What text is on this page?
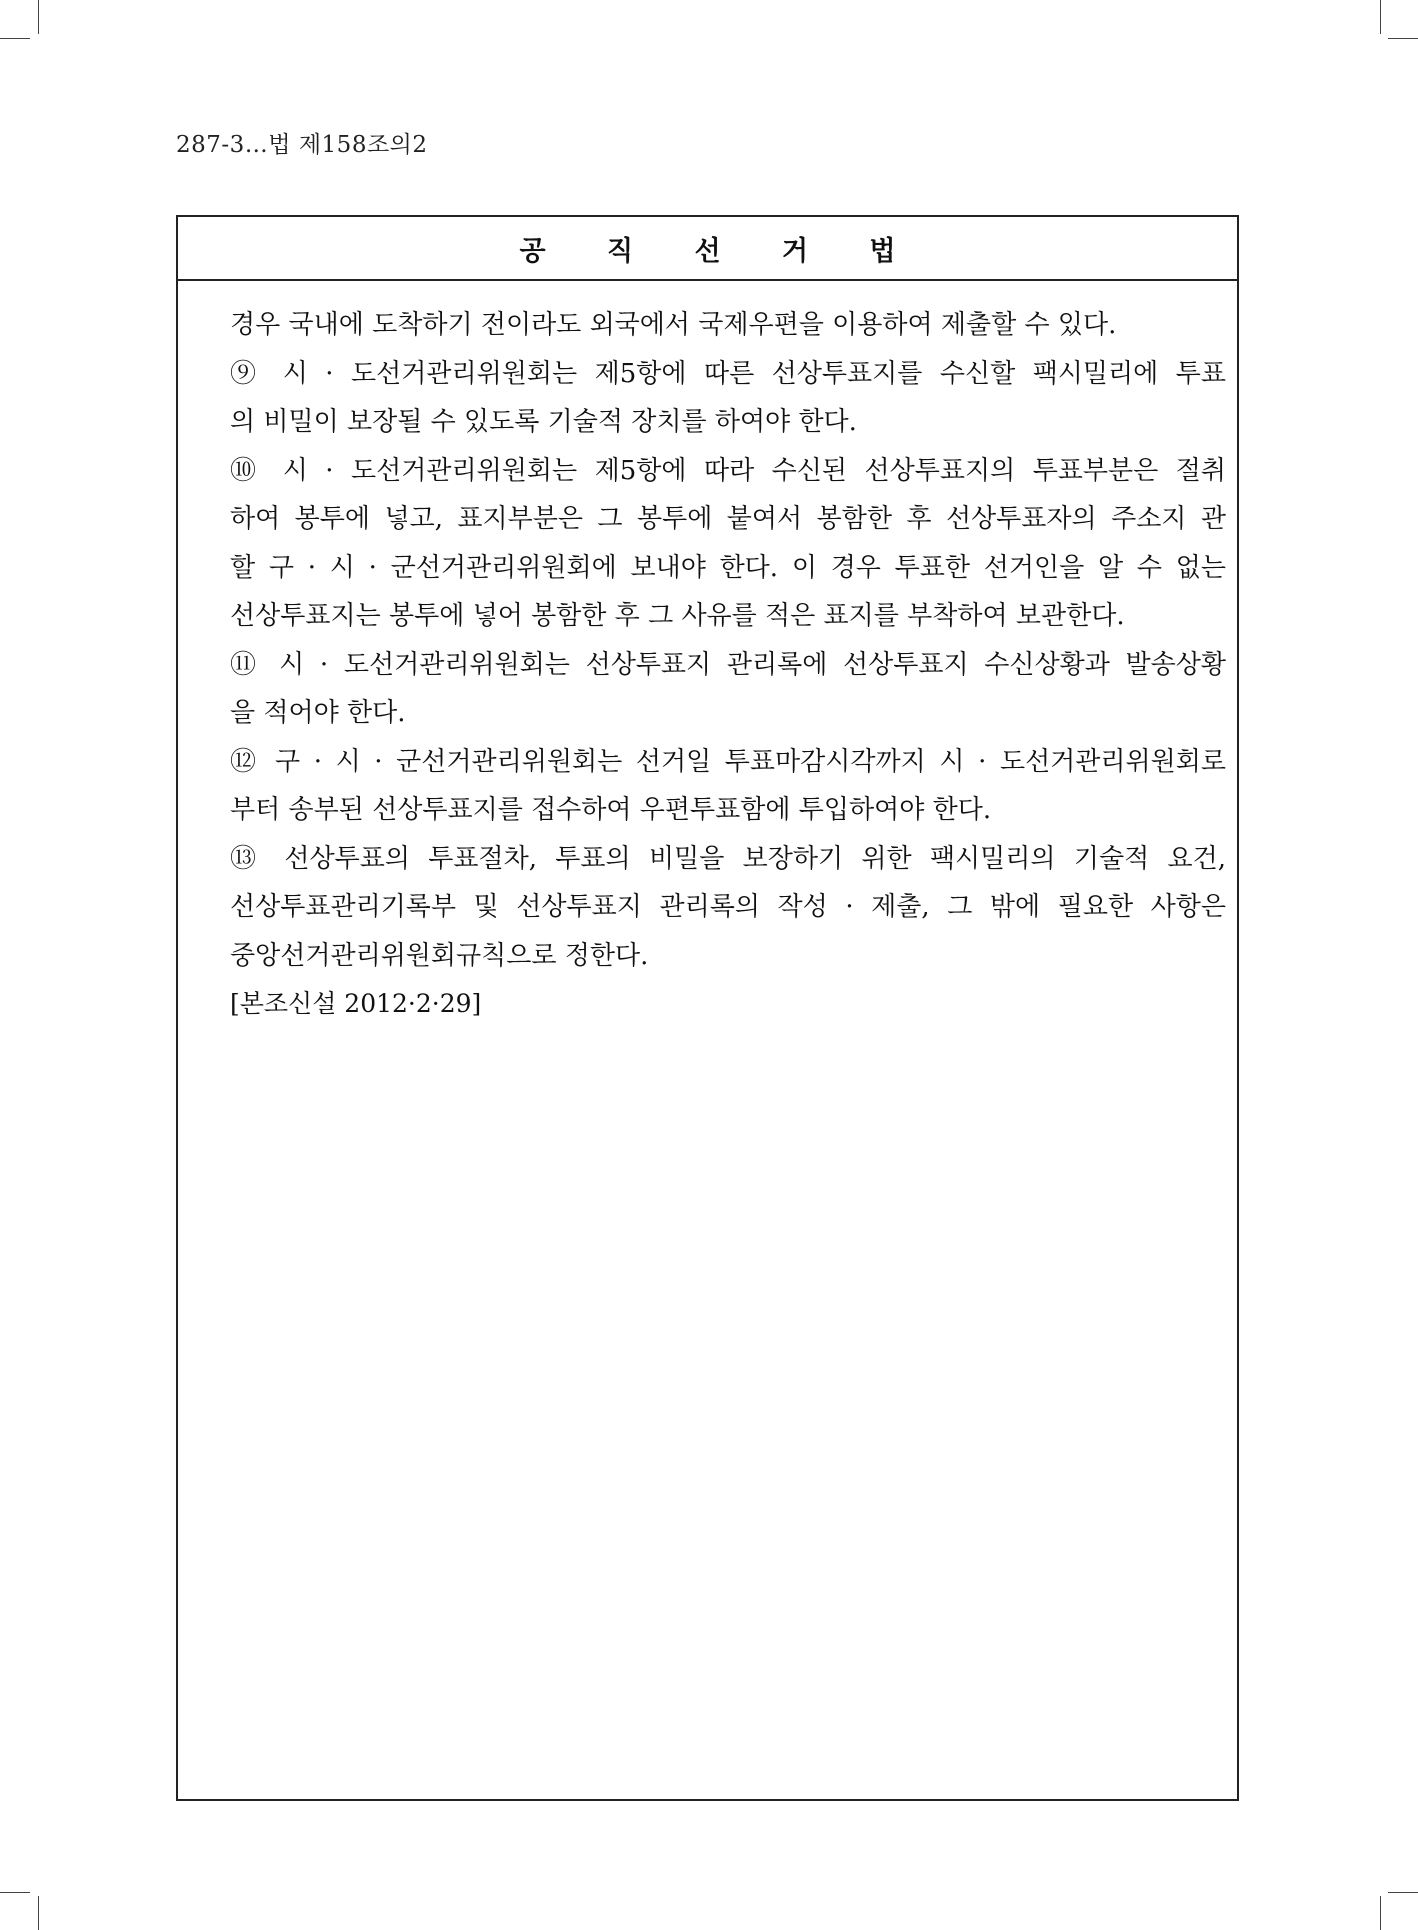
287-3…법 제158조의2
공 직 선 거 법
경우 국내에 도착하기 전이라도 외국에서 국제우편을 이용하여 제출할 수 있다.
⑨ 시 · 도선거관리위원회는 제5항에 따른 선상투표지를 수신할 팩시밀리에 투표
의 비밀이 보장될 수 있도록 기술적 장치를 하여야 한다.
⑩ 시 · 도선거관리위원회는 제5항에 따라 수신된 선상투표지의 투표부분은 절취
하여 봉투에 넣고, 표지부분은 그 봉투에 붙여서 봉함한 후 선상투표자의 주소지 관
할 구 · 시 · 군선거관리위원회에 보내야 한다. 이 경우 투표한 선거인을 알 수 없는
선상투표지는 봉투에 넣어 봉함한 후 그 사유를 적은 표지를 부착하여 보관한다.
⑪ 시 · 도선거관리위원회는 선상투표지 관리록에 선상투표지 수신상황과 발송상황
을 적어야 한다.
⑫ 구 · 시 · 군선거관리위원회는 선거일 투표마감시각까지 시 · 도선거관리위원회로
부터 송부된 선상투표지를 접수하여 우편투표함에 투입하여야 한다.
⑬ 선상투표의 투표절차, 투표의 비밀을 보장하기 위한 팩시밀리의 기술적 요건,
선상투표관리기록부 및 선상투표지 관리록의 작성 · 제출, 그 밖에 필요한 사항은
중앙선거관리위원회규칙으로 정한다.
[본조신설 2012·2·29]
